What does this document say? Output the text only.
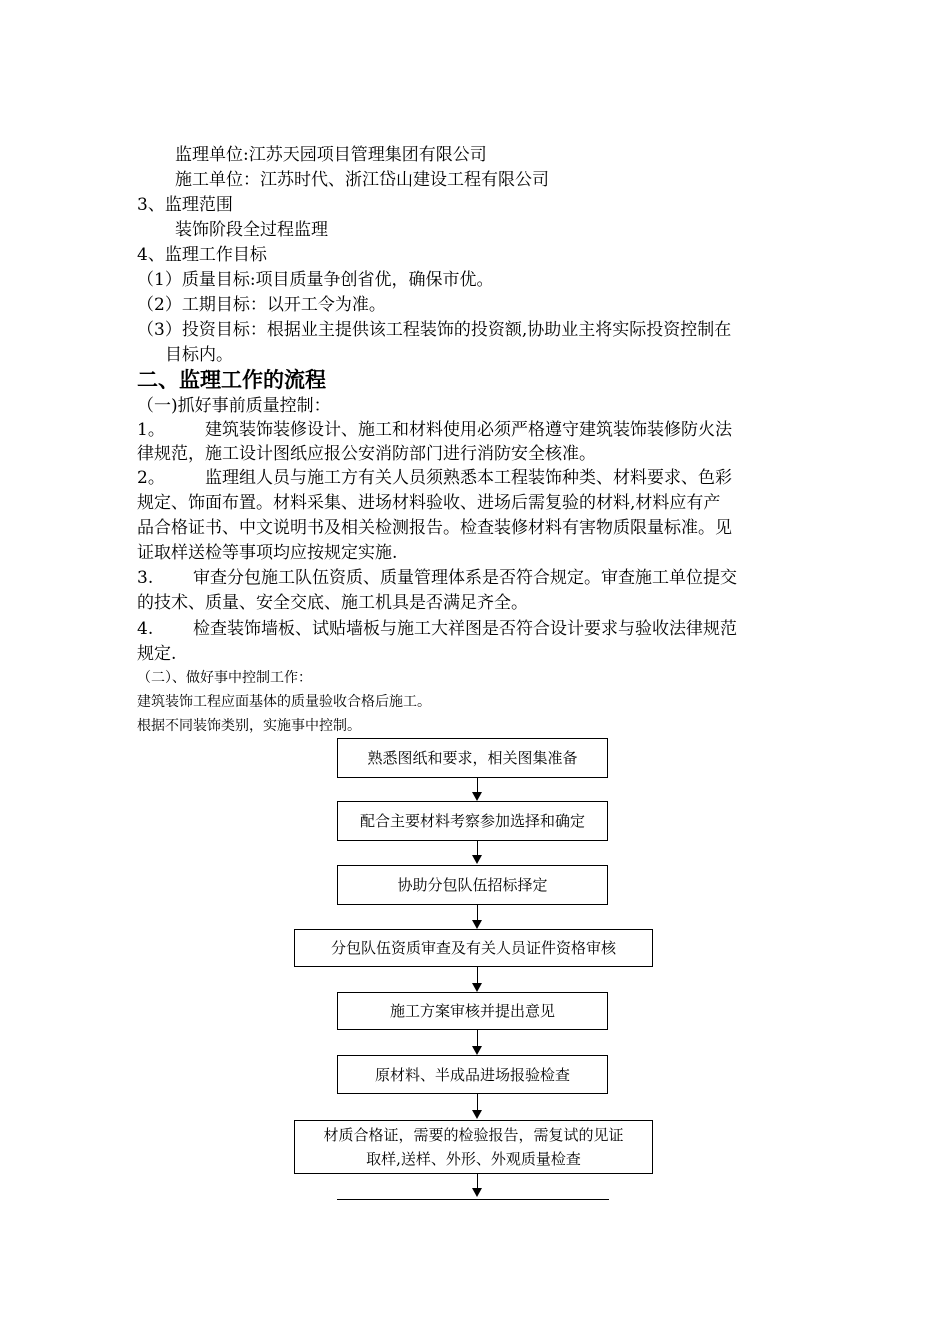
监理单位:江苏天园项目管理集团有限公司
施工单位：江苏时代、浙江岱山建设工程有限公司
3、监理范围
装饰阶段全过程监理
4、监理工作目标
（1）质量目标:项目质量争创省优，确保市优。
（2）工期目标：以开工令为准。
（3）投资目标：根据业主提供该工程装饰的投资额,协助业主将实际投资控制在
目标内。
二、监理工作的流程
（一)抓好事前质量控制：
1。 建筑装饰装修设计、施工和材料使用必须严格遵守建筑装饰装修防火法
律规范，施工设计图纸应报公安消防部门进行消防安全核准。
2。 监理组人员与施工方有关人员须熟悉本工程装饰种类、材料要求、色彩
规定、饰面布置。材料采集、进场材料验收、进场后需复验的材料,材料应有产
品合格证书、中文说明书及相关检测报告。检查装修材料有害物质限量标准。见
证取样送检等事项均应按规定实施.
3. 审查分包施工队伍资质、质量管理体系是否符合规定。审查施工单位提交
的技术、质量、安全交底、施工机具是否满足齐全。
4. 检查装饰墙板、试贴墙板与施工大祥图是否符合设计要求与验收法律规范
规定.
（二）、做好事中控制工作：
建筑装饰工程应面基体的质量验收合格后施工。
根据不同装饰类别，实施事中控制。
熟悉图纸和要求，相关图集准备
配合主要材料考察参加选择和确定
协助分包队伍招标择定
分包队伍资质审查及有关人员证件资格审核
施工方案审核并提出意见
原材料、半成品进场报验检查
材质合格证，需要的检验报告，需复试的见证
取样,送样、外形、外观质量检查
